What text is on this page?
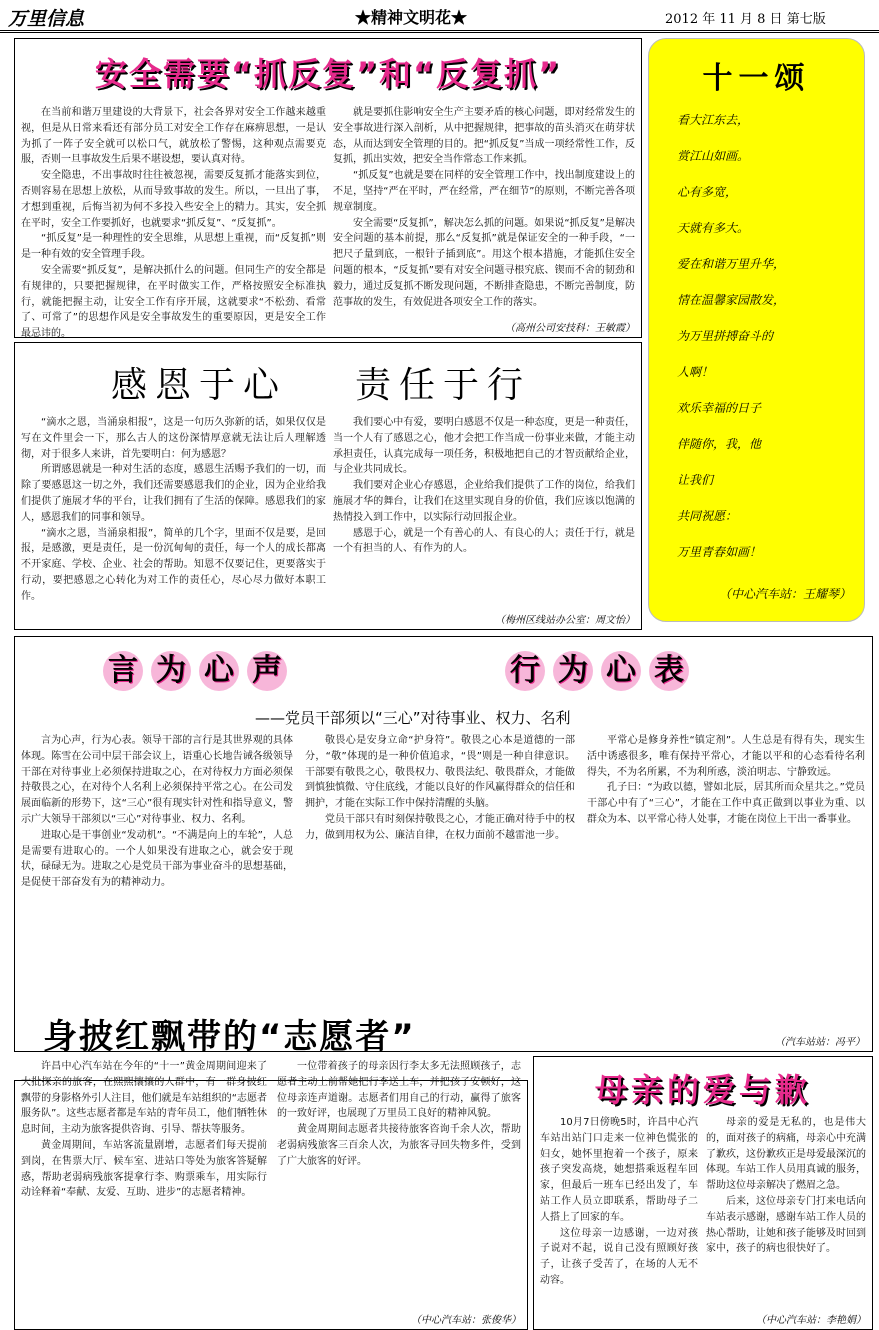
万里信息	★精神文明花★	2012 年 11 月 8 日 第七版
安全需要“抓反复”和“反复抓”

在当前和谐万里建设的大背景下，社会各界对安全工作越来越重视，但是从日常来看还有部分员工对安全工作存在麻痹思想，一是认为抓了一阵子安全就可以松口气，就放松了警惕，这种观点需要克服，否则一旦事故发生后果不堪设想，要认真对待。

安全隐患，不出事故时往往被忽视，需要反复抓才能落实到位，否则容易在思想上放松，从而导致事故的发生。所以，一旦出了事，才想到重视，后悔当初为何不多投入些安全上的精力。其实，安全抓在平时，安全工作要抓好，也就要求“抓反复”、“反复抓”。

“抓反复”是一种理性的安全思维，从思想上重视，而“反复抓”则是一种有效的安全管理手段。

安全需要“抓反复”，是解决抓什么的问题。但同生产的安全都是有规律的，只要把握规律，在平时做实工作，严格按照安全标准执行，就能把握主动，让安全工作有序开展，这就要求“不松劲、看常了、可常了”的思想作风是安全事故发生的重要原因，更是安全工作最忌讳的。

就是要抓住影响安全生产主要矛盾的核心问题，即对经常发生的安全事故进行深入剖析，从中把握规律，把事故的苗头消灭在萌芽状态，从而达到安全管理的目的。把“抓反复”当成一项经常性工作，反复抓，抓出实效，把安全当作常态工作来抓。

“抓反复”也就是要在同样的安全管理工作中，找出制度建设上的不足，坚持“严在平时，严在经常，严在细节”的原则，不断完善各项规章制度。

安全需要“反复抓”，解决怎么抓的问题。如果说“抓反复”是解决安全问题的基本前提，那么“反复抓”就是保证安全的一种手段，“一把尺子量到底，一根针子插到底”。用这个根本措施，才能抓住安全问题的根本，“反复抓”要有对安全问题寻根究底、锲而不舍的韧劲和毅力，通过反复抓不断发现问题，不断排查隐患，不断完善制度，防范事故的发生，有效促进各项安全工作的落实。

（高州公司安技科：王敏霞）
十一颂
看大江东去，
赏江山如画。
心有多宽，
天就有多大。
爱在和谐万里升华，
情在温馨家园散发，
为万里拼搏奋斗的
人啊！
欢乐幸福的日子
伴随你，我，他
让我们
共同祝愿：
万里青春如画！
（中心汽车站：王耀琴）
感恩于心 责任于行

“滴水之恩，当涌泉相报”，这是一句历久弥新的话，如果仅仅是写在文件里会一下，那么古人的这份深情厚意就无法让后人理解透彻，对于很多人来讲，首先要明白：何为感恩？

所谓感恩就是一种对生活的态度，感恩生活赐予我们的一切，而除了要感恩这一切之外，我们还需要感恩我们的企业，因为企业给我们提供了施展才华的平台，让我们拥有了生活的保障。感恩我们的家人，感恩我们的同事和领导。

“滴水之恩，当涌泉相报”，简单的几个字，里面不仅是要，是回报，是感激，更是责任，是一份沉甸甸的责任，每一个人的成长都离不开家庭、学校、企业、社会的帮助。知恩不仅要记住，更要落实于行动，要把感恩之心转化为对工作的责任心，尽心尽力做好本职工作。

我们要心中有爱，要明白感恩不仅是一种态度，更是一种责任，当一个人有了感恩之心，他才会把工作当成一份事业来做，才能主动承担责任，认真完成每一项任务，积极地把自己的才智贡献给企业，与企业共同成长。

我们要对企业心存感恩，企业给我们提供了工作的岗位，给我们施展才华的舞台，让我们在这里实现自身的价值，我们应该以饱满的热情投入到工作中，以实际行动回报企业。

感恩于心，就是一个有善心的人、有良心的人；责任于行，就是一个有担当的人、有作为的人。

（梅州区线站办公室：周文怡）
言 为 心 声	行 为 心 表
——党员干部须以“三心”对待事业、权力、名利

言为心声，行为心表。领导干部的言行是其世界观的具体体现。陈雪在公司中层干部会议上，语重心长地告诫各级领导干部在对待事业上必须保持进取之心，在对待权力方面必须保持敬畏之心，在对待个人名利上必须保持平常之心。在公司发展面临新的形势下，这“三心”很有现实针对性和指导意义，警示广大领导干部须以“三心”对待事业、权力、名利。

进取心是干事创业“发动机”。“不满是向上的车轮”，人总是需要有进取心的。一个人如果没有进取之心，就会安于现状，碌碌无为。进取之心是党员干部为事业奋斗的思想基础，是促使干部奋发有为的精神动力。

敬畏心是安身立命“护身符”。敬畏之心本是道德的一部分，“敬”体现的是一种价值追求，“畏”则是一种自律意识。干部要有敬畏之心，敬畏权力、敬畏法纪、敬畏群众，才能做到慎独慎微、守住底线，才能以良好的作风赢得群众的信任和拥护，才能在实际工作中保持清醒的头脑。

党员干部只有时刻保持敬畏之心，才能正确对待手中的权力，做到用权为公、廉洁自律，在权力面前不越雷池一步。

平常心是修身养性“镇定剂”。人生总是有得有失，现实生活中诱惑很多，唯有保持平常心，才能以平和的心态看待名利得失，不为名所累，不为利所惑，淡泊明志、宁静致远。

孔子曰：“为政以德，譬如北辰，居其所而众星共之。”党员干部心中有了“三心”，才能在工作中真正做到以事业为重、以群众为本、以平常心待人处事，才能在岗位上干出一番事业。

（汽车站站：冯平）
身披红飘带的“志愿者”

许昌中心汽车站在今年的“十一”黄金周期间迎来了大批探亲的旅客，在熙熙攘攘的人群中，有一群身披红飘带的身影格外引人注目，他们就是车站组织的“志愿者服务队”。这些志愿者都是车站的青年员工，他们牺牲休息时间，主动为旅客提供咨询、引导、帮扶等服务。

黄金周期间，车站客流量剧增，志愿者们每天提前到岗，在售票大厅、候车室、进站口等处为旅客答疑解惑，帮助老弱病残旅客提拿行李、购票乘车，用实际行动诠释着“奉献、友爱、互助、进步”的志愿者精神。

一位带着孩子的母亲因行李太多无法照顾孩子，志愿者主动上前帮她把行李送上车，并把孩子安顿好，这位母亲连声道谢。志愿者们用自己的行动，赢得了旅客的一致好评，也展现了万里员工良好的精神风貌。

黄金周期间志愿者共接待旅客咨询千余人次，帮助老弱病残旅客三百余人次，为旅客寻回失物多件，受到了广大旅客的好评。

（中心汽车站：张俊华）
母亲的爱与歉

10月7日傍晚5时，许昌中心汽车站出站门口走来一位神色慌张的妇女，她怀里抱着一个孩子，原来孩子突发高烧，她想搭乘返程车回家，但最后一班车已经出发了，车站工作人员立即联系，帮助母子二人搭上了回家的车。

这位母亲一边感谢，一边对孩子说对不起，说自己没有照顾好孩子，让孩子受苦了，在场的人无不动容。

母亲的爱是无私的，也是伟大的，面对孩子的病痛，母亲心中充满了歉疚，这份歉疚正是母爱最深沉的体现。车站工作人员用真诚的服务，帮助这位母亲解决了燃眉之急。

后来，这位母亲专门打来电话向车站表示感谢，感谢车站工作人员的热心帮助，让她和孩子能够及时回到家中，孩子的病也很快好了。

（中心汽车站：李艳娟）
